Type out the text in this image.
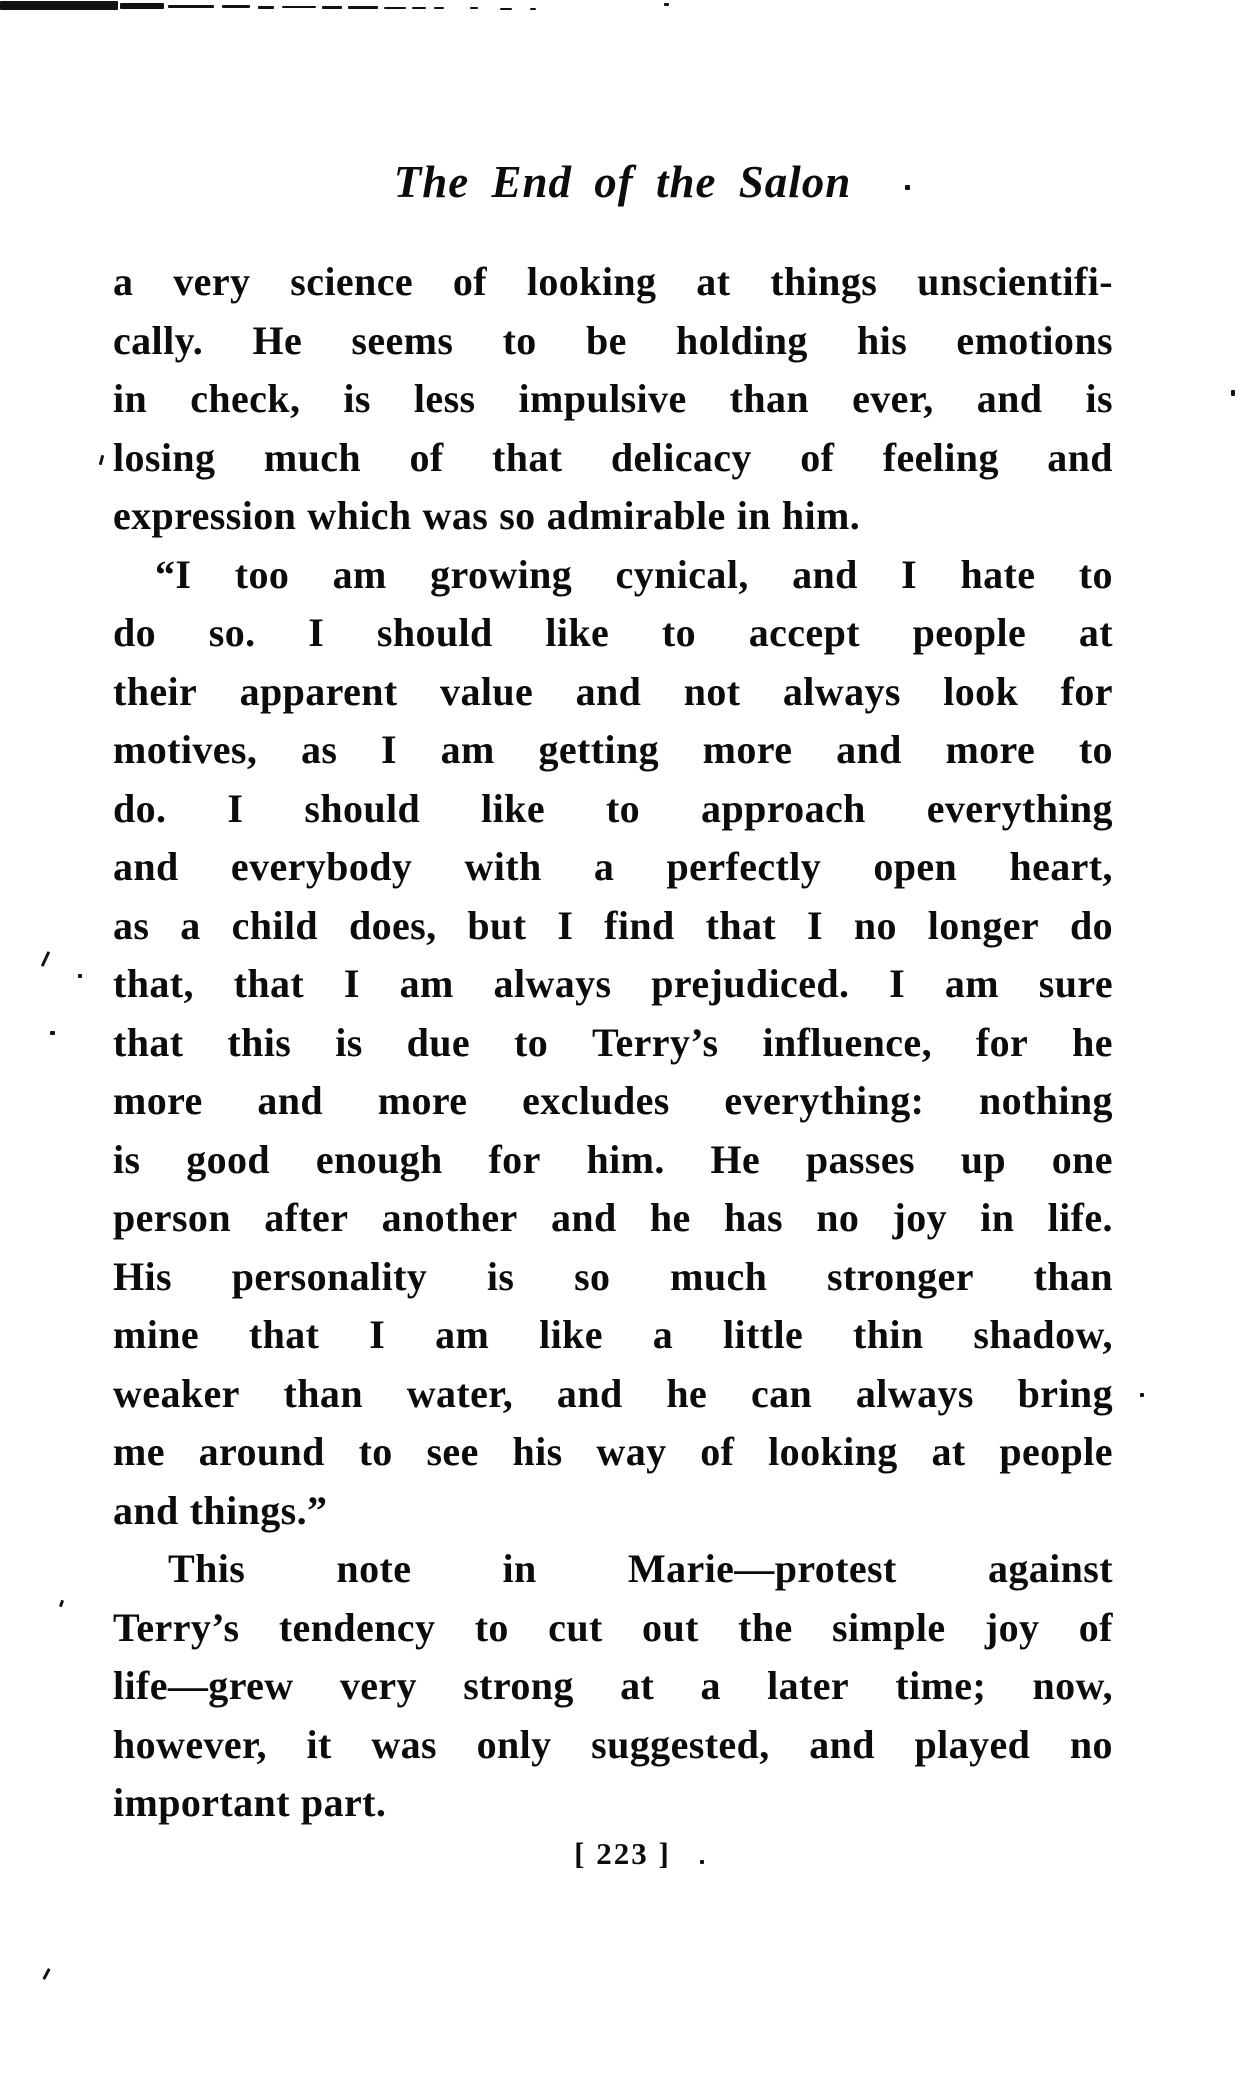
The End of the Salon
a very science of looking at things unscientifi-
cally. He seems to be holding his emotions
in check, is less impulsive than ever, and is
losing much of that delicacy of feeling and
expression which was so admirable in him.
“I too am growing cynical, and I hate to
do so. I should like to accept people at
their apparent value and not always look for
motives, as I am getting more and more to
do. I should like to approach everything
and everybody with a perfectly open heart,
as a child does, but I find that I no longer do
that, that I am always prejudiced. I am sure
that this is due to Terry’s influence, for he
more and more excludes everything: nothing
is good enough for him. He passes up one
person after another and he has no joy in life.
His personality is so much stronger than
mine that I am like a little thin shadow,
weaker than water, and he can always bring
me around to see his way of looking at people
and things.”
This note in Marie—protest against
Terry’s tendency to cut out the simple joy of
life—grew very strong at a later time; now,
however, it was only suggested, and played no
important part.
[ 223 ]
